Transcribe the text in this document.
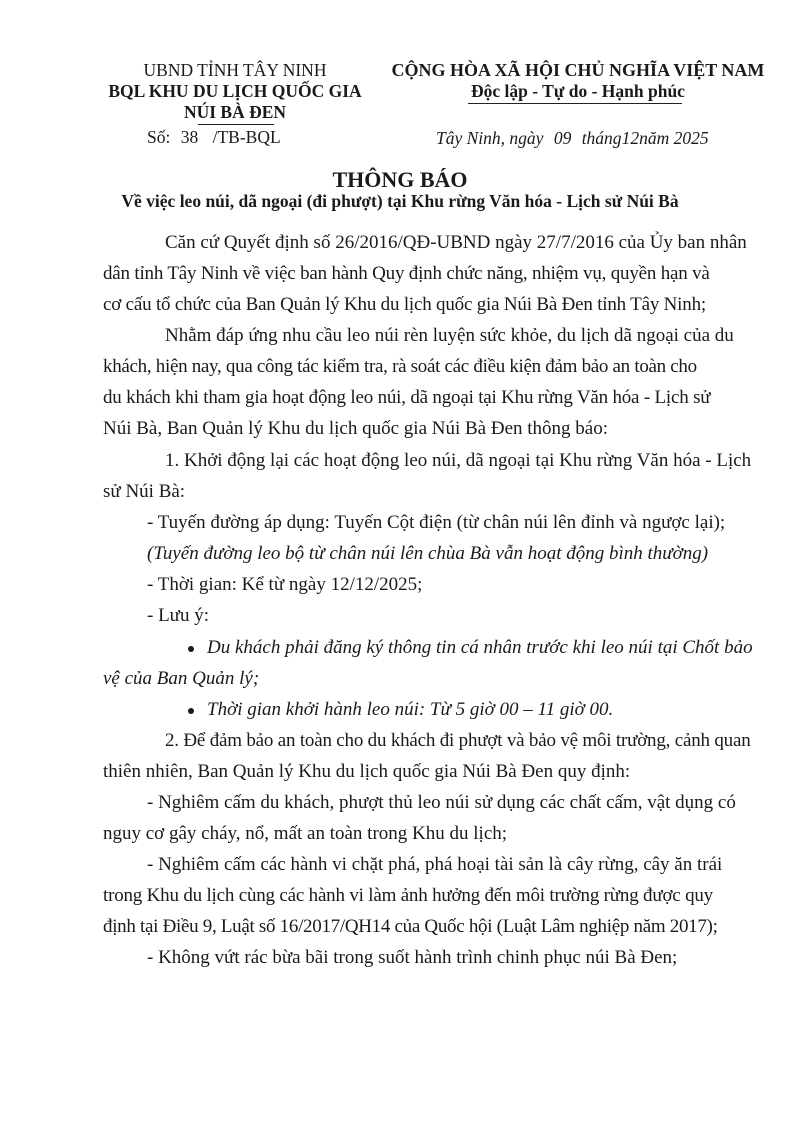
UBND TỈNH TÂY NINH
BQL KHU DU LỊCH QUỐC GIA
NÚI BÀ ĐEN
Số: 38 /TB-BQL
CỘNG HÒA XÃ HỘI CHỦ NGHĨA VIỆT NAM
Độc lập - Tự do - Hạnh phúc
Tây Ninh, ngày 09 tháng12năm 2025
THÔNG BÁO
Về việc leo núi, dã ngoại (đi phượt) tại Khu rừng Văn hóa - Lịch sử Núi Bà
Căn cứ Quyết định số 26/2016/QĐ-UBND ngày 27/7/2016 của Ủy ban nhân
dân tỉnh Tây Ninh về việc ban hành Quy định chức năng, nhiệm vụ, quyền hạn và
cơ cấu tổ chức của Ban Quản lý Khu du lịch quốc gia Núi Bà Đen tỉnh Tây Ninh;
Nhằm đáp ứng nhu cầu leo núi rèn luyện sức khỏe, du lịch dã ngoại của du
khách, hiện nay, qua công tác kiểm tra, rà soát các điều kiện đảm bảo an toàn cho
du khách khi tham gia hoạt động leo núi, dã ngoại tại Khu rừng Văn hóa - Lịch sử
Núi Bà, Ban Quản lý Khu du lịch quốc gia Núi Bà Đen thông báo:
1. Khởi động lại các hoạt động leo núi, dã ngoại tại Khu rừng Văn hóa - Lịch
sử Núi Bà:
- Tuyến đường áp dụng: Tuyến Cột điện (từ chân núi lên đỉnh và ngược lại);
(Tuyến đường leo bộ từ chân núi lên chùa Bà vẫn hoạt động bình thường)
- Thời gian: Kể từ ngày 12/12/2025;
- Lưu ý:
Du khách phải đăng ký thông tin cá nhân trước khi leo núi tại Chốt bảo
vệ của Ban Quản lý;
Thời gian khởi hành leo núi: Từ 5 giờ 00 – 11 giờ 00.
2. Để đảm bảo an toàn cho du khách đi phượt và bảo vệ môi trường, cảnh quan
thiên nhiên, Ban Quản lý Khu du lịch quốc gia Núi Bà Đen quy định:
- Nghiêm cấm du khách, phượt thủ leo núi sử dụng các chất cấm, vật dụng có
nguy cơ gây cháy, nổ, mất an toàn trong Khu du lịch;
- Nghiêm cấm các hành vi chặt phá, phá hoại tài sản là cây rừng, cây ăn trái
trong Khu du lịch cùng các hành vi làm ảnh hưởng đến môi trường rừng được quy
định tại Điều 9, Luật số 16/2017/QH14 của Quốc hội (Luật Lâm nghiệp năm 2017);
- Không vứt rác bừa bãi trong suốt hành trình chinh phục núi Bà Đen;
